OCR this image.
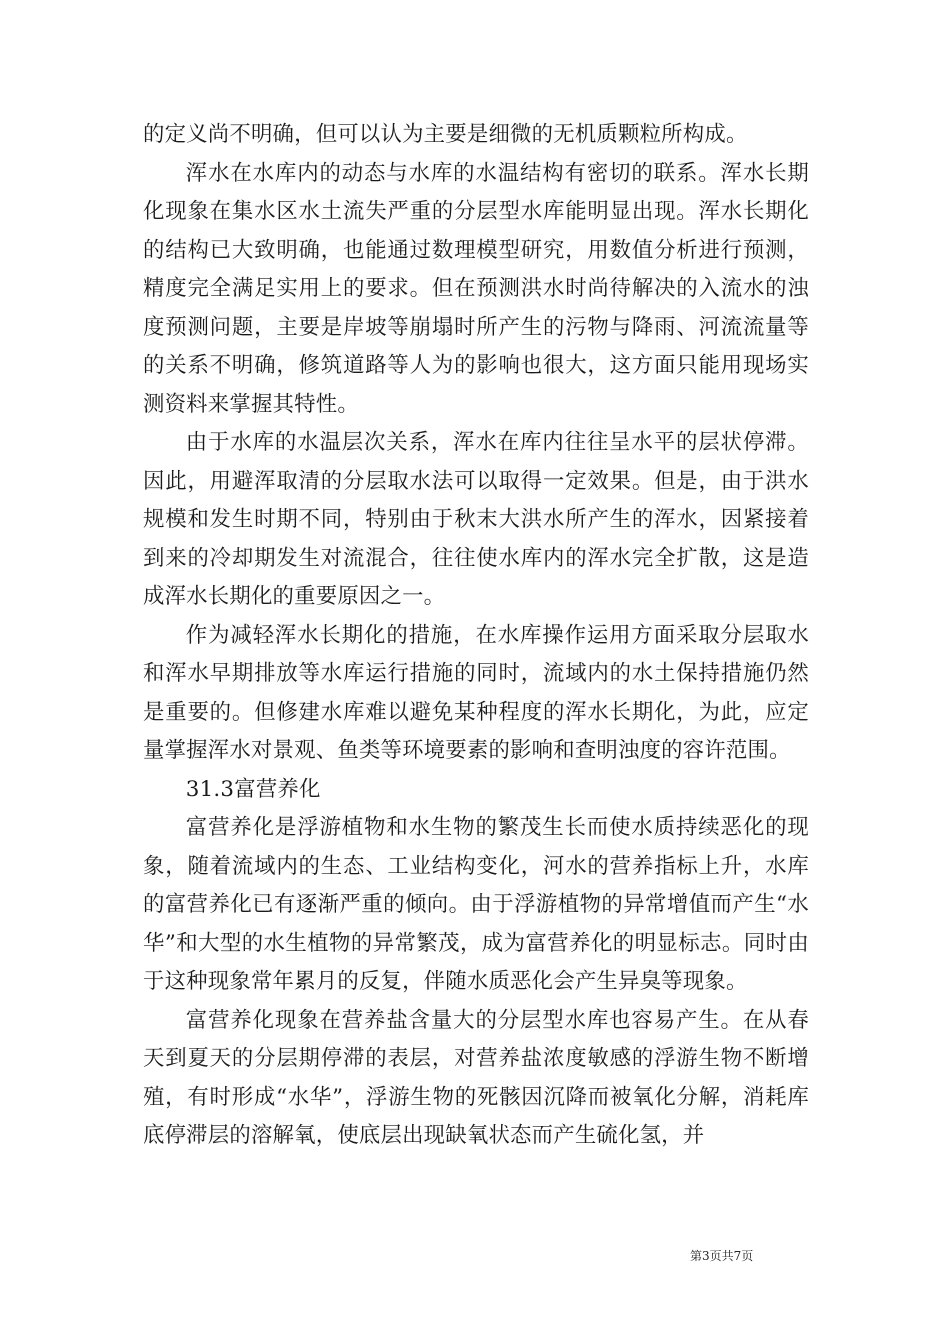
的定义尚不明确，但可以认为主要是细微的无机质颗粒所构成。

浑水在水库内的动态与水库的水温结构有密切的联系。浑水长期化现象在集水区水土流失严重的分层型水库能明显出现。浑水长期化的结构已大致明确，也能通过数理模型研究，用数值分析进行预测，精度完全满足实用上的要求。但在预测洪水时尚待解决的入流水的浊度预测问题，主要是岸坡等崩塌时所产生的污物与降雨、河流流量等的关系不明确，修筑道路等人为的影响也很大，这方面只能用现场实测资料来掌握其特性。

由于水库的水温层次关系，浑水在库内往往呈水平的层状停滞。因此，用避浑取清的分层取水法可以取得一定效果。但是，由于洪水规模和发生时期不同，特别由于秋末大洪水所产生的浑水，因紧接着到来的冷却期发生对流混合，往往使水库内的浑水完全扩散，这是造成浑水长期化的重要原因之一。

作为减轻浑水长期化的措施，在水库操作运用方面采取分层取水和浑水早期排放等水库运行措施的同时，流域内的水土保持措施仍然是重要的。但修建水库难以避免某种程度的浑水长期化，为此，应定量掌握浑水对景观、鱼类等环境要素的影响和查明浊度的容许范围。

31.3富营养化

富营养化是浮游植物和水生物的繁茂生长而使水质持续恶化的现象，随着流域内的生态、工业结构变化，河水的营养指标上升，水库的富营养化已有逐渐严重的倾向。由于浮游植物的异常增值而产生“水华”和大型的水生植物的异常繁茂，成为富营养化的明显标志。同时由于这种现象常年累月的反复，伴随水质恶化会产生异臭等现象。

富营养化现象在营养盐含量大的分层型水库也容易产生。在从春天到夏天的分层期停滞的表层，对营养盐浓度敏感的浮游生物不断增殖，有时形成“水华”，浮游生物的死骸因沉降而被氧化分解，消耗库底停滞层的溶解氧，使底层出现缺氧状态而产生硫化氢，并

第3页共7页
